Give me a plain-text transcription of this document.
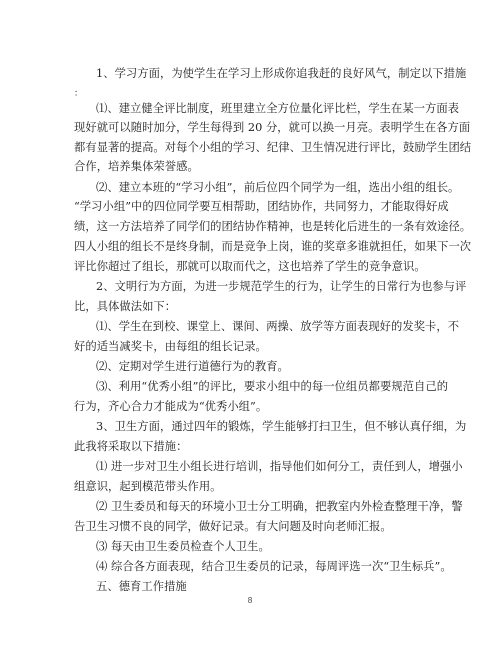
1、学习方面，为使学生在学习上形成你追我赶的良好风气，制定以下措施
：
⑴、建立健全评比制度，班里建立全方位量化评比栏，学生在某一方面表
现好就可以随时加分，学生每得到 20 分，就可以换一月亮。表明学生在各方面
都有显著的提高。对每个小组的学习、纪律、卫生情况进行评比，鼓励学生团结
合作，培养集体荣誉感。
⑵、建立本班的“学习小组”，前后位四个同学为一组，选出小组的组长。
“学习小组”中的四位同学要互相帮助，团结协作，共同努力，才能取得好成
绩，这一方法培养了同学们的团结协作精神，也是转化后进生的一条有效途径。
四人小组的组长不是终身制，而是竞争上岗，谁的奖章多谁就担任，如果下一次
评比你超过了组长，那就可以取而代之，这也培养了学生的竞争意识。
2、文明行为方面，为进一步规范学生的行为，让学生的日常行为也参与评
比，具体做法如下：
⑴、学生在到校、课堂上、课间、两操、放学等方面表现好的发奖卡，不
好的适当减奖卡，由每组的组长记录。
⑵、定期对学生进行道德行为的教育。
⑶、利用“优秀小组”的评比，要求小组中的每一位组员都要规范自己的
行为，齐心合力才能成为“优秀小组”。
3、卫生方面，通过四年的锻炼，学生能够打扫卫生，但不够认真仔细，为
此我将采取以下措施：
⑴ 进一步对卫生小组长进行培训，指导他们如何分工，责任到人，增强小
组意识，起到模范带头作用。
⑵ 卫生委员和每天的环境小卫士分工明确，把教室内外检查整理干净，警
告卫生习惯不良的同学，做好记录。有大问题及时向老师汇报。
⑶ 每天由卫生委员检查个人卫生。
⑷ 综合各方面表现，结合卫生委员的记录，每周评选一次“卫生标兵”。
五、德育工作措施
8
